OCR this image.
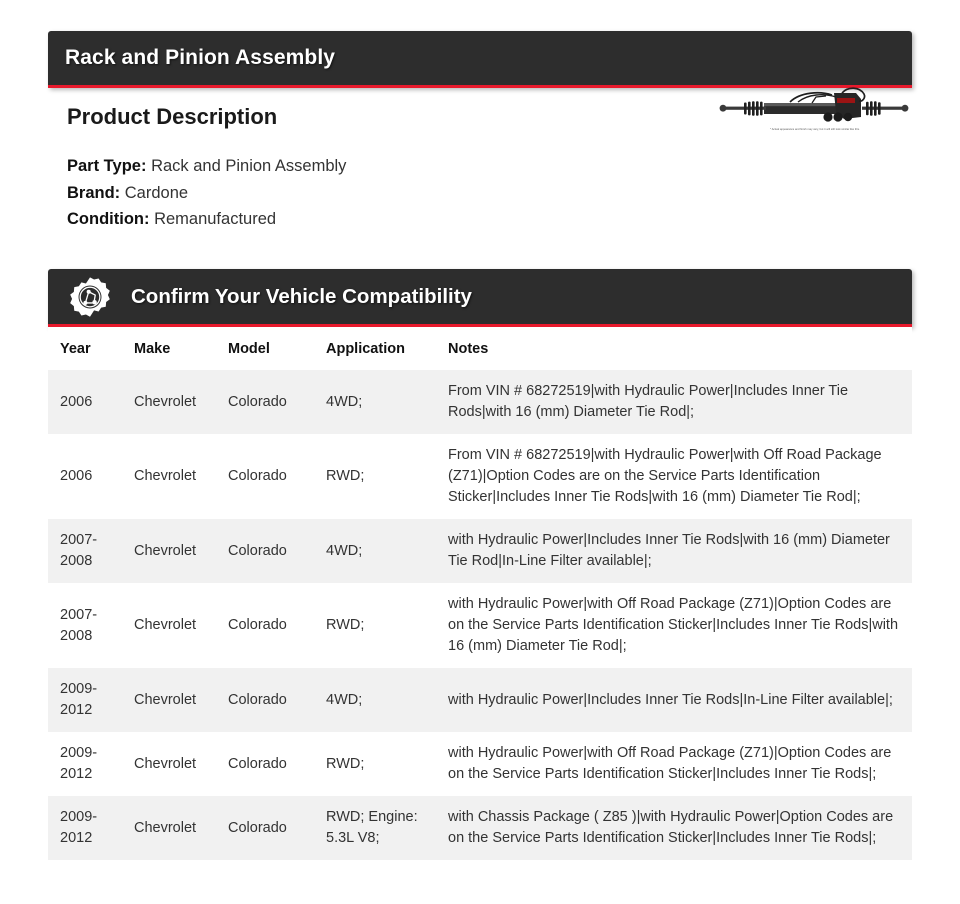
Rack and Pinion Assembly
Product Description
Part Type: Rack and Pinion Assembly
Brand: Cardone
Condition: Remanufactured
* Actual appearance and finish may vary, but it will still look similar like this.
Confirm Your Vehicle Compatibility
Year	Make	Model	Application	Notes
2006	Chevrolet	Colorado	4WD;	From VIN # 68272519|with Hydraulic Power|Includes Inner Tie Rods|with 16 (mm) Diameter Tie Rod|;
2006	Chevrolet	Colorado	RWD;	From VIN # 68272519|with Hydraulic Power|with Off Road Package (Z71)|Option Codes are on the Service Parts Identification Sticker|Includes Inner Tie Rods|with 16 (mm) Diameter Tie Rod|;
2007-2008	Chevrolet	Colorado	4WD;	with Hydraulic Power|Includes Inner Tie Rods|with 16 (mm) Diameter Tie Rod|In-Line Filter available|;
2007-2008	Chevrolet	Colorado	RWD;	with Hydraulic Power|with Off Road Package (Z71)|Option Codes are on the Service Parts Identification Sticker|Includes Inner Tie Rods|with 16 (mm) Diameter Tie Rod|;
2009-2012	Chevrolet	Colorado	4WD;	with Hydraulic Power|Includes Inner Tie Rods|In-Line Filter available|;
2009-2012	Chevrolet	Colorado	RWD;	with Hydraulic Power|with Off Road Package (Z71)|Option Codes are on the Service Parts Identification Sticker|Includes Inner Tie Rods|;
2009-2012	Chevrolet	Colorado	RWD; Engine: 5.3L V8;	with Chassis Package ( Z85 )|with Hydraulic Power|Option Codes are on the Service Parts Identification Sticker|Includes Inner Tie Rods|;
